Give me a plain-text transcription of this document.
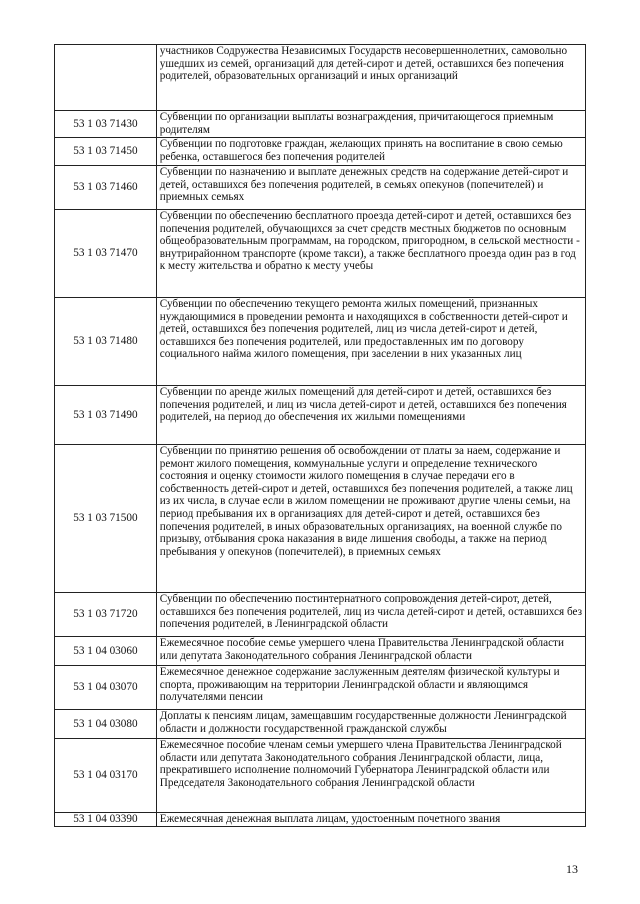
	участников Содружества Независимых Государств несовершеннолетних, самовольно ушедших из семей, организаций для детей-сирот и детей, оставшихся без попечения родителей, образовательных организаций и иных организаций
53 1 03 71430	Субвенции по организации выплаты вознаграждения, причитающегося приемным родителям
53 1 03 71450	Субвенции по подготовке граждан, желающих принять на воспитание в свою семью ребенка, оставшегося без попечения родителей
53 1 03 71460	Субвенции по назначению и выплате денежных средств на содержание детей-сирот и детей, оставшихся без попечения родителей, в семьях опекунов (попечителей) и приемных семьях
53 1 03 71470	Субвенции по обеспечению бесплатного проезда детей-сирот и детей, оставшихся без попечения родителей, обучающихся за счет средств местных бюджетов по основным общеобразовательным программам, на городском, пригородном, в сельской местности - внутрирайонном транспорте (кроме такси), а также бесплатного проезда один раз в год к месту жительства и обратно к месту учебы
53 1 03 71480	Субвенции по обеспечению текущего ремонта жилых помещений, признанных нуждающимися в проведении ремонта и находящихся в собственности детей-сирот и детей, оставшихся без попечения родителей, лиц из числа детей-сирот и детей, оставшихся без попечения родителей, или предоставленных им по договору социального найма жилого помещения, при заселении в них указанных лиц
53 1 03 71490	Субвенции по аренде жилых помещений для детей-сирот и детей, оставшихся без попечения родителей, и лиц из числа детей-сирот и детей, оставшихся без попечения родителей, на период до обеспечения их жилыми помещениями
53 1 03 71500	Субвенции по принятию решения об освобождении от платы за наем, содержание и ремонт жилого помещения, коммунальные услуги и определение технического состояния и оценку стоимости жилого помещения в случае передачи его в собственность детей-сирот и детей, оставшихся без попечения родителей, а также лиц из их числа, в случае если в жилом помещении не проживают другие члены семьи, на период пребывания их в организациях для детей-сирот и детей, оставшихся без попечения родителей, в иных образовательных организациях, на военной службе по призыву, отбывания срока наказания в виде лишения свободы, а также на период пребывания у опекунов (попечителей), в приемных семьях
53 1 03 71720	Субвенции по обеспечению постинтернатного сопровождения детей-сирот, детей, оставшихся без попечения родителей, лиц из числа детей-сирот и детей, оставшихся без попечения родителей, в Ленинградской области
53 1 04 03060	Ежемесячное пособие семье умершего члена Правительства Ленинградской области или депутата Законодательного собрания Ленинградской области
53 1 04 03070	Ежемесячное денежное содержание заслуженным деятелям физической культуры и спорта, проживающим на территории Ленинградской области и являющимся получателями пенсии
53 1 04 03080	Доплаты к пенсиям лицам, замещавшим государственные должности Ленинградской области и должности государственной гражданской службы
53 1 04 03170	Ежемесячное пособие членам семьи умершего члена Правительства Ленинградской области или депутата Законодательного собрания Ленинградской области, лица, прекратившего исполнение полномочий Губернатора Ленинградской области или Председателя Законодательного собрания Ленинградской области
53 1 04 03390	Ежемесячная денежная выплата лицам, удостоенным почетного звания
13
